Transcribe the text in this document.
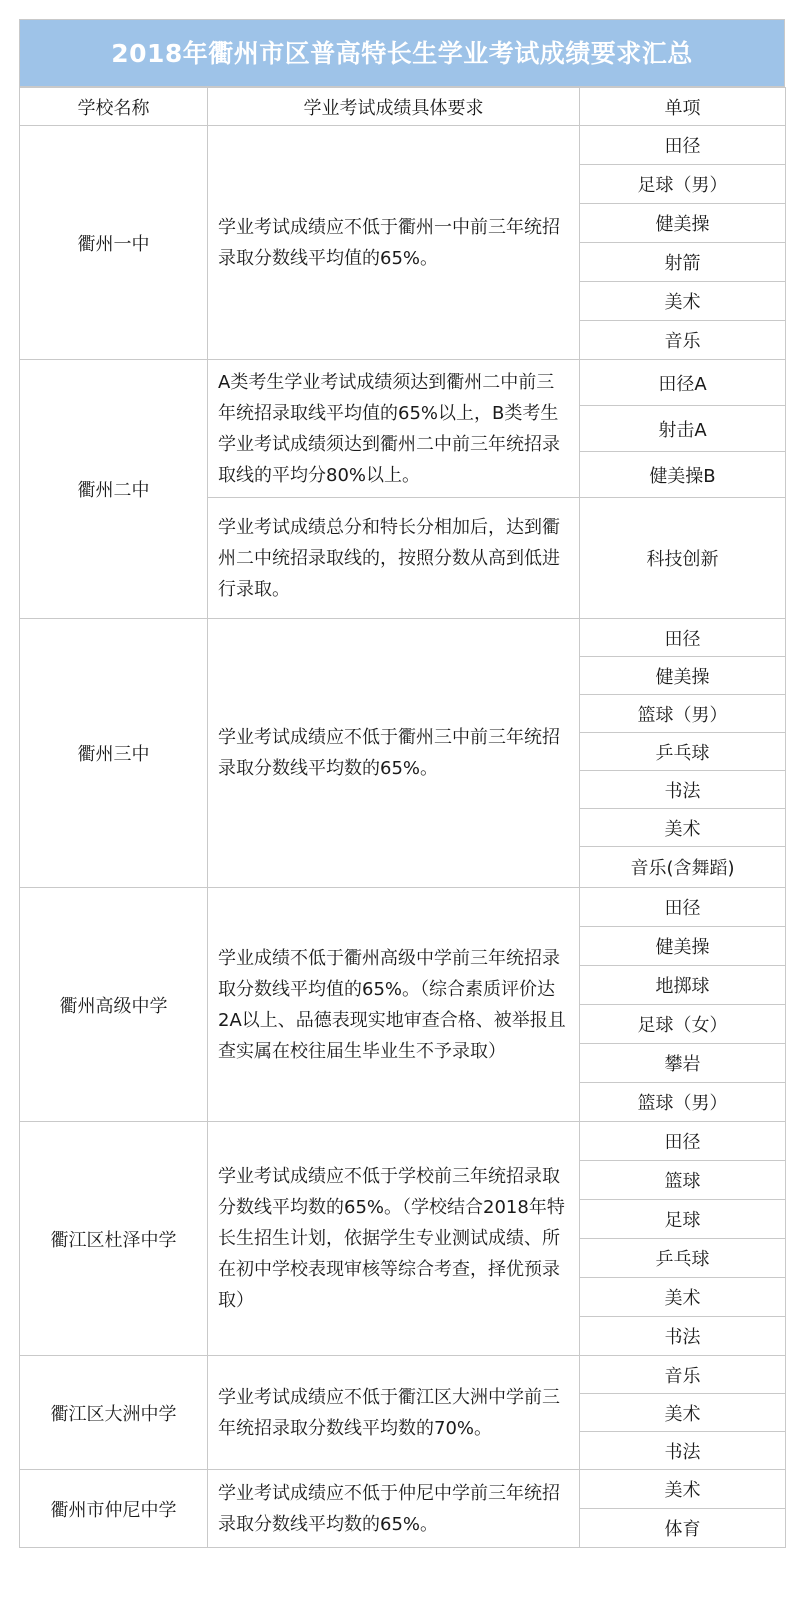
2018年衢州市区普高特长生学业考试成绩要求汇总
学校名称	学业考试成绩具体要求	单项
衢州一中	学业考试成绩应不低于衢州一中前三年统招录取分数线平均值的65%。	田径
		足球（男）
		健美操
		射箭
		美术
		音乐
衢州二中	A类考生学业考试成绩须达到衢州二中前三年统招录取线平均值的65%以上，B类考生学业考试成绩须达到衢州二中前三年统招录取线的平均分80%以上。	田径A
		射击A
		健美操B
	学业考试成绩总分和特长分相加后，达到衢州二中统招录取线的，按照分数从高到低进行录取。	科技创新
衢州三中	学业考试成绩应不低于衢州三中前三年统招录取分数线平均数的65%。	田径
		健美操
		篮球（男）
		乒乓球
		书法
		美术
		音乐(含舞蹈)
衢州高级中学	学业成绩不低于衢州高级中学前三年统招录取分数线平均值的65%。（综合素质评价达2A以上、品德表现实地审查合格、被举报且查实属在校往届生毕业生不予录取）	田径
		健美操
		地掷球
		足球（女）
		攀岩
		篮球（男）
衢江区杜泽中学	学业考试成绩应不低于学校前三年统招录取分数线平均数的65%。（学校结合2018年特长生招生计划，依据学生专业测试成绩、所在初中学校表现审核等综合考查，择优预录取）	田径
		篮球
		足球
		乒乓球
		美术
		书法
衢江区大洲中学	学业考试成绩应不低于衢江区大洲中学前三年统招录取分数线平均数的70%。	音乐
		美术
		书法
衢州市仲尼中学	学业考试成绩应不低于仲尼中学前三年统招录取分数线平均数的65%。	美术
		体育
